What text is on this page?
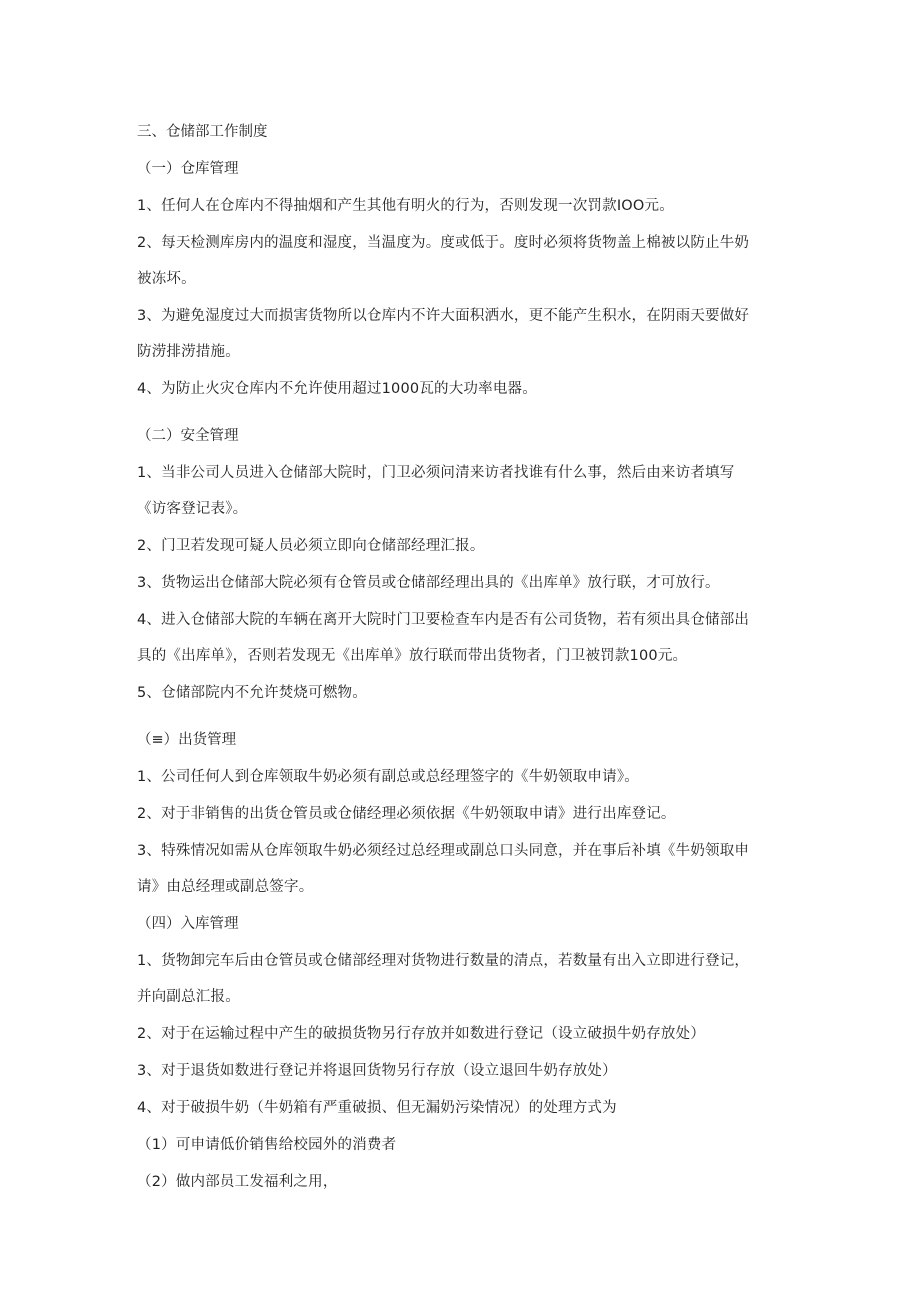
三、仓储部工作制度
（一）仓库管理
1、任何人在仓库内不得抽烟和产生其他有明火的行为，否则发现一次罚款IOO元。
2、每天检测库房内的温度和湿度，当温度为。度或低于。度时必须将货物盖上棉被以防止牛奶
被冻坏。
3、为避免湿度过大而损害货物所以仓库内不许大面积洒水，更不能产生积水，在阴雨天要做好
防涝排涝措施。
4、为防止火灾仓库内不允许使用超过1000瓦的大功率电器。
（二）安全管理
1、当非公司人员进入仓储部大院时，门卫必须问清来访者找谁有什么事，然后由来访者填写
《访客登记表》。
2、门卫若发现可疑人员必须立即向仓储部经理汇报。
3、货物运出仓储部大院必须有仓管员或仓储部经理出具的《出库单》放行联，才可放行。
4、进入仓储部大院的车辆在离开大院时门卫要检查车内是否有公司货物，若有须出具仓储部出
具的《出库单》，否则若发现无《出库单》放行联而带出货物者，门卫被罚款100元。
5、仓储部院内不允许焚烧可燃物。
（≡）出货管理
1、公司任何人到仓库领取牛奶必须有副总或总经理签字的《牛奶领取申请》。
2、对于非销售的出货仓管员或仓储经理必须依据《牛奶领取申请》进行出库登记。
3、特殊情况如需从仓库领取牛奶必须经过总经理或副总口头同意，并在事后补填《牛奶领取申
请》由总经理或副总签字。
（四）入库管理
1、货物卸完车后由仓管员或仓储部经理对货物进行数量的清点，若数量有出入立即进行登记，
并向副总汇报。
2、对于在运输过程中产生的破损货物另行存放并如数进行登记（设立破损牛奶存放处）
3、对于退货如数进行登记并将退回货物另行存放（设立退回牛奶存放处）
4、对于破损牛奶（牛奶箱有严重破损、但无漏奶污染情况）的处理方式为
（1）可申请低价销售给校园外的消费者
（2）做内部员工发福利之用，
